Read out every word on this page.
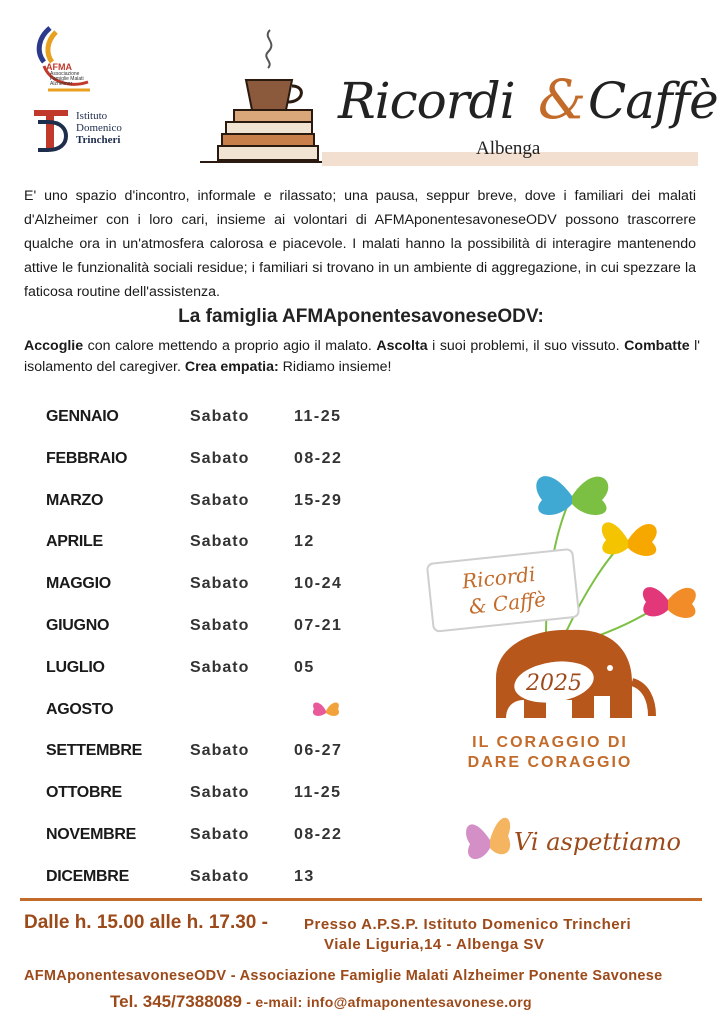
AFMA
Associazione Famiglie Malati Alzheimer
Istituto
Domenico
Trincheri
Ricordi & Caffè
Albenga
E' uno spazio d'incontro, informale e rilassato; una pausa, seppur breve, dove i familiari dei malati d'Alzheimer con i loro cari, insieme ai volontari di AFMAponentesavoneseODV possono trascorrere qualche ora in un'atmosfera calorosa e piacevole. I malati hanno la possibilità di interagire mantenendo attive le funzionalità sociali residue; i familiari si trovano in un ambiente di aggregazione, in cui spezzare la faticosa routine dell'assistenza.
La famiglia AFMAponentesavoneseODV:
Accoglie con calore mettendo a proprio agio il malato. Ascolta i suoi problemi, il suo vissuto. Combatte l' isolamento del caregiver. Crea empatia: Ridiamo insieme!
GENNAIO	Sabato	11-25
FEBBRAIO	Sabato	08-22
MARZO	Sabato	15-29
APRILE	Sabato	12
MAGGIO	Sabato	10-24
GIUGNO	Sabato	07-21
LUGLIO	Sabato	05
AGOSTO
SETTEMBRE	Sabato	06-27
OTTOBRE	Sabato	11-25
NOVEMBRE	Sabato	08-22
DICEMBRE	Sabato	13
Ricordi
& Caffè
2025
IL CORAGGIO DI
DARE CORAGGIO
Vi aspettiamo
Dalle h. 15.00 alle h. 17.30 - Presso A.P.S.P. Istituto Domenico Trincheri
Viale Liguria,14 - Albenga SV
AFMAponentesavoneseODV - Associazione Famiglie Malati Alzheimer Ponente Savonese
Tel. 345/7388089 - e-mail: info@afmaponentesavonese.org
